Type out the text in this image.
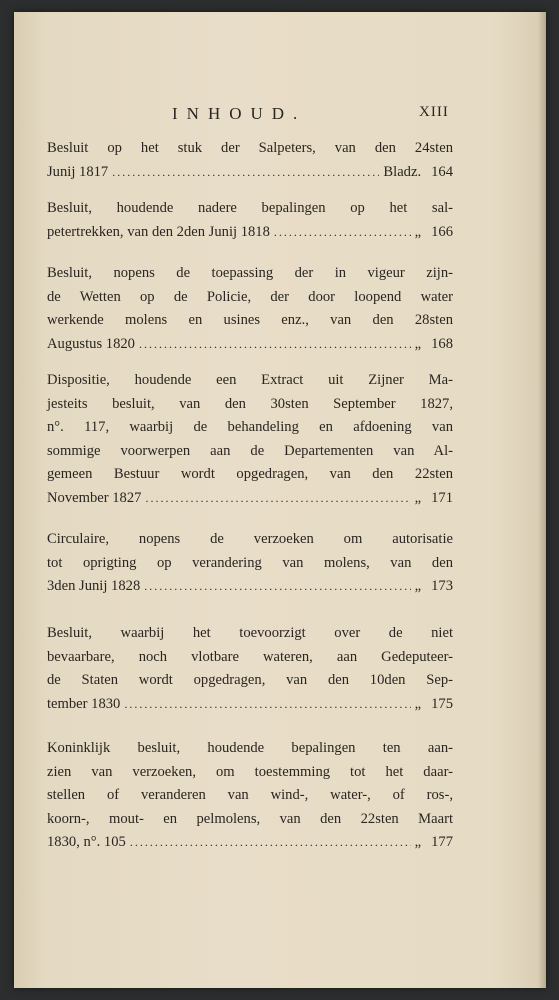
INHOUD.	XIII
Besluit op het stuk der Salpeters, van den 24sten
Junij 1817 .....	Bladz. 164
Besluit, houdende nadere bepalingen op het sal-
petertrekken, van den 2den Junij 1818 .....	„ 166
Besluit, nopens de toepassing der in vigeur zijn-
de Wetten op de Policie, der door loopend water
werkende molens en usines enz., van den 28sten
Augustus 1820 .....	„ 168
Dispositie, houdende een Extract uit Zijner Ma-
jesteits besluit, van den 30sten September 1827,
n°. 117, waarbij de behandeling en afdoening van
sommige voorwerpen aan de Departementen van Al-
gemeen Bestuur wordt opgedragen, van den 22sten
November 1827 .....	„ 171
Circulaire, nopens de verzoeken om autorisatie
tot oprigting op verandering van molens, van den
3den Junij 1828 .....	„ 173
Besluit, waarbij het toevoorzigt over de niet
bevaarbare, noch vlotbare wateren, aan Gedeputeer-
de Staten wordt opgedragen, van den 10den Sep-
tember 1830 .....	„ 175
Koninklijk besluit, houdende bepalingen ten aan-
zien van verzoeken, om toestemming tot het daar-
stellen of veranderen van wind-, water-, of ros-,
koorn-, mout- en pelmolens, van den 22sten Maart
1830, n°. 105 .....	„ 177
